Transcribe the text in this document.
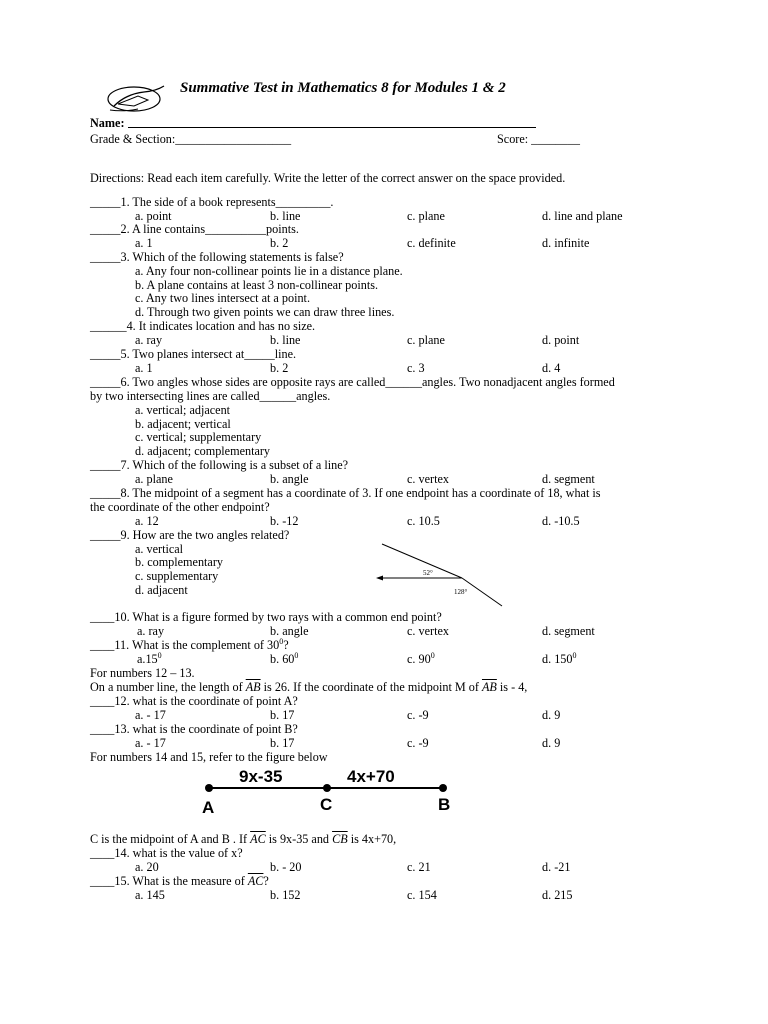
Summative Test in Mathematics 8 for Modules 1 & 2
Name:
Grade & Section:___________________	Score: ________
Directions: Read each item carefully. Write the letter of the correct answer on the space provided.
_____1. The side of a book represents_________.
a. point	b. line	c. plane	d. line and plane
_____2. A line contains__________points.
a. 1	b. 2	c. definite	d. infinite
_____3. Which of the following statements is false?
a. Any four non-collinear points lie in a distance plane.
b. A plane contains at least 3 non-collinear points.
c. Any two lines intersect at a point.
d. Through two given points we can draw three lines.
______4. It indicates location and has no size.
a. ray	b. line	c. plane	d. point
_____5. Two planes intersect at_____line.
a. 1	b. 2	c. 3	d. 4
_____6. Two angles whose sides are opposite rays are called______angles. Two nonadjacent angles formed
by two intersecting lines are called______angles.
a. vertical; adjacent
b. adjacent; vertical
c. vertical; supplementary
d. adjacent; complementary
_____7. Which of the following is a subset of a line?
a. plane	b. angle	c. vertex	d. segment
_____8. The midpoint of a segment has a coordinate of 3. If one endpoint has a coordinate of 18, what is
the coordinate of the other endpoint?
a. 12	b. -12	c. 10.5	d. -10.5
_____9. How are the two angles related?
a. vertical
b. complementary
c. supplementary
d. adjacent
52°
128°
____10. What is a figure formed by two rays with a common end point?
a. ray	b. angle	c. vertex	d. segment
____11. What is the complement of $30^0$?
$a.15^0$	b. $60^0$	c. $90^0$	d. $150^0$
For numbers 12 – 13.
On a number line, the length of $\overline{AB}$ is 26. If the coordinate of the midpoint M of $\overline{AB}$ is - 4,
____12. what is the coordinate of point A?
a. - 17	b. 17	c. -9	d. 9
____13. what is the coordinate of point B?
a. - 17	b. 17	c. -9	d. 9
For numbers 14 and 15, refer to the figure below
9x-35	4x+70
A	C	B
C is the midpoint of A and B . If $\overline{AC}$ is 9x-35 and $\overline{CB}$ is 4x+70,
____14. what is the value of x?
a. 20	b. - 20	c. 21	d. -21
____15. What is the measure of $\overline{AC}$?
a. 145	b. 152	c. 154	d. 215
